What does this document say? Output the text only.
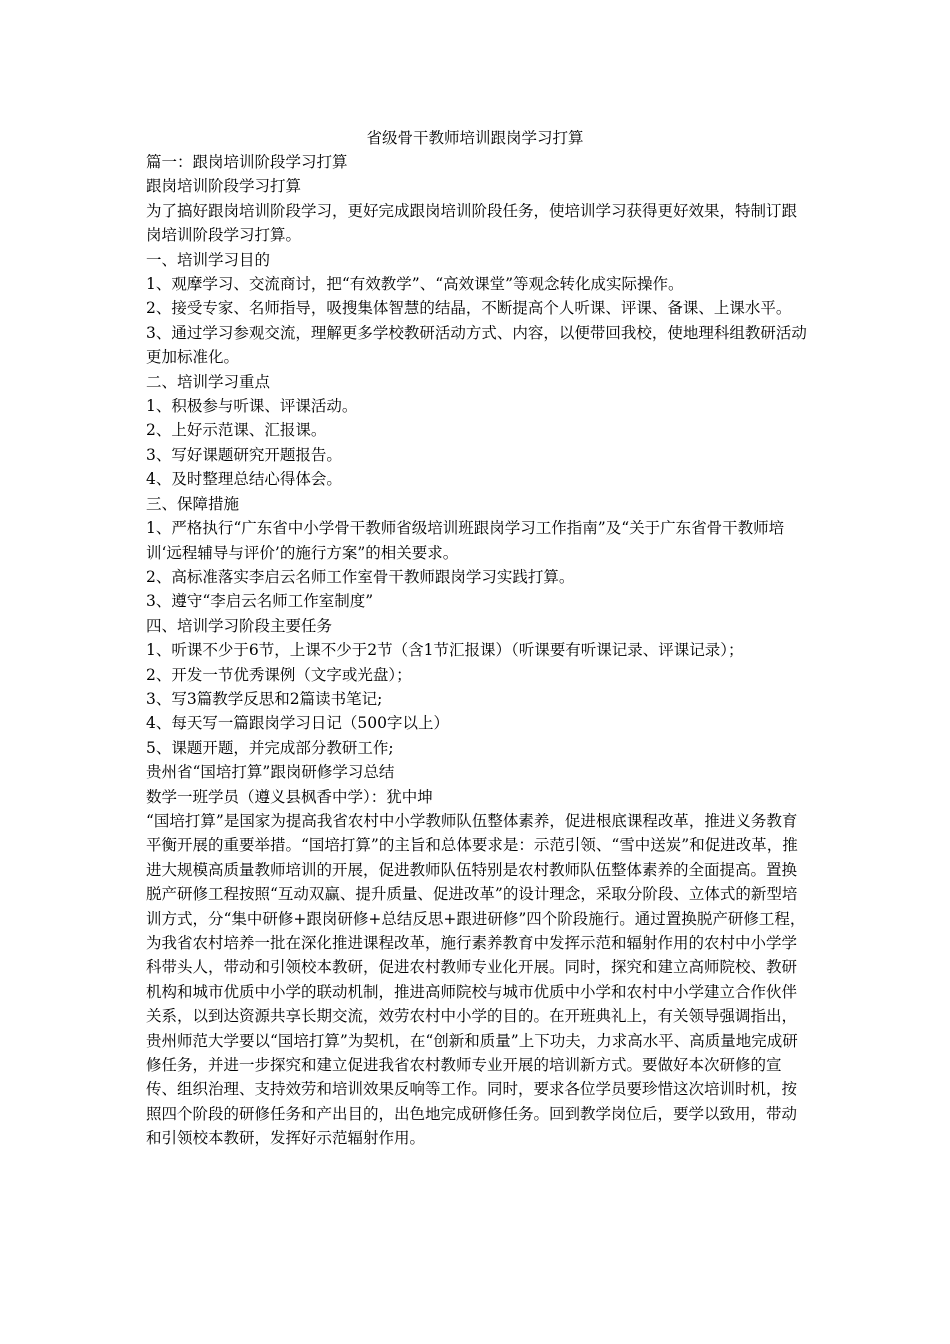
省级骨干教师培训跟岗学习打算

篇一：跟岗培训阶段学习打算

跟岗培训阶段学习打算

为了搞好跟岗培训阶段学习，更好完成跟岗培训阶段任务，使培训学习获得更好效果，特制订跟岗培训阶段学习打算。

一、培训学习目的

1、观摩学习、交流商讨，把“有效教学”、“高效课堂”等观念转化成实际操作。

2、接受专家、名师指导，吸搜集体智慧的结晶，不断提高个人听课、评课、备课、上课水平。

3、通过学习参观交流，理解更多学校教研活动方式、内容，以便带回我校，使地理科组教研活动更加标准化。

二、培训学习重点

1、积极参与听课、评课活动。

2、上好示范课、汇报课。

3、写好课题研究开题报告。

4、及时整理总结心得体会。

三、保障措施

1、严格执行“广东省中小学骨干教师省级培训班跟岗学习工作指南”及“关于广东省骨干教师培训‘远程辅导与评价’的施行方案”的相关要求。

2、高标准落实李启云名师工作室骨干教师跟岗学习实践打算。

3、遵守“李启云名师工作室制度”

四、培训学习阶段主要任务

1、听课不少于6节，上课不少于2节（含1节汇报课）（听课要有听课记录、评课记录）；

2、开发一节优秀课例（文字或光盘）；

3、写3篇教学反思和2篇读书笔记;

4、每天写一篇跟岗学习日记（500字以上）

5、课题开题，并完成部分教研工作;

贵州省“国培打算”跟岗研修学习总结

数学一班学员（遵义县枫香中学）：犹中坤

“国培打算”是国家为提高我省农村中小学教师队伍整体素养，促进根底课程改革，推进义务教育平衡开展的重要举措。“国培打算”的主旨和总体要求是：示范引领、“雪中送炭”和促进改革，推进大规模高质量教师培训的开展，促进教师队伍特别是农村教师队伍整体素养的全面提高。置换脱产研修工程按照“互动双赢、提升质量、促进改革”的设计理念，采取分阶段、立体式的新型培训方式，分“集中研修+跟岗研修+总结反思+跟进研修”四个阶段施行。通过置换脱产研修工程，为我省农村培养一批在深化推进课程改革，施行素养教育中发挥示范和辐射作用的农村中小学学科带头人，带动和引领校本教研，促进农村教师专业化开展。同时，探究和建立高师院校、教研机构和城市优质中小学的联动机制，推进高师院校与城市优质中小学和农村中小学建立合作伙伴关系，以到达资源共享长期交流，效劳农村中小学的目的。在开班典礼上，有关领导强调指出，贵州师范大学要以“国培打算”为契机，在“创新和质量”上下功夫，力求高水平、高质量地完成研修任务，并进一步探究和建立促进我省农村教师专业开展的培训新方式。要做好本次研修的宣传、组织治理、支持效劳和培训效果反响等工作。同时，要求各位学员要珍惜这次培训时机，按照四个阶段的研修任务和产出目的，出色地完成研修任务。回到教学岗位后，要学以致用，带动和引领校本教研，发挥好示范辐射作用。
